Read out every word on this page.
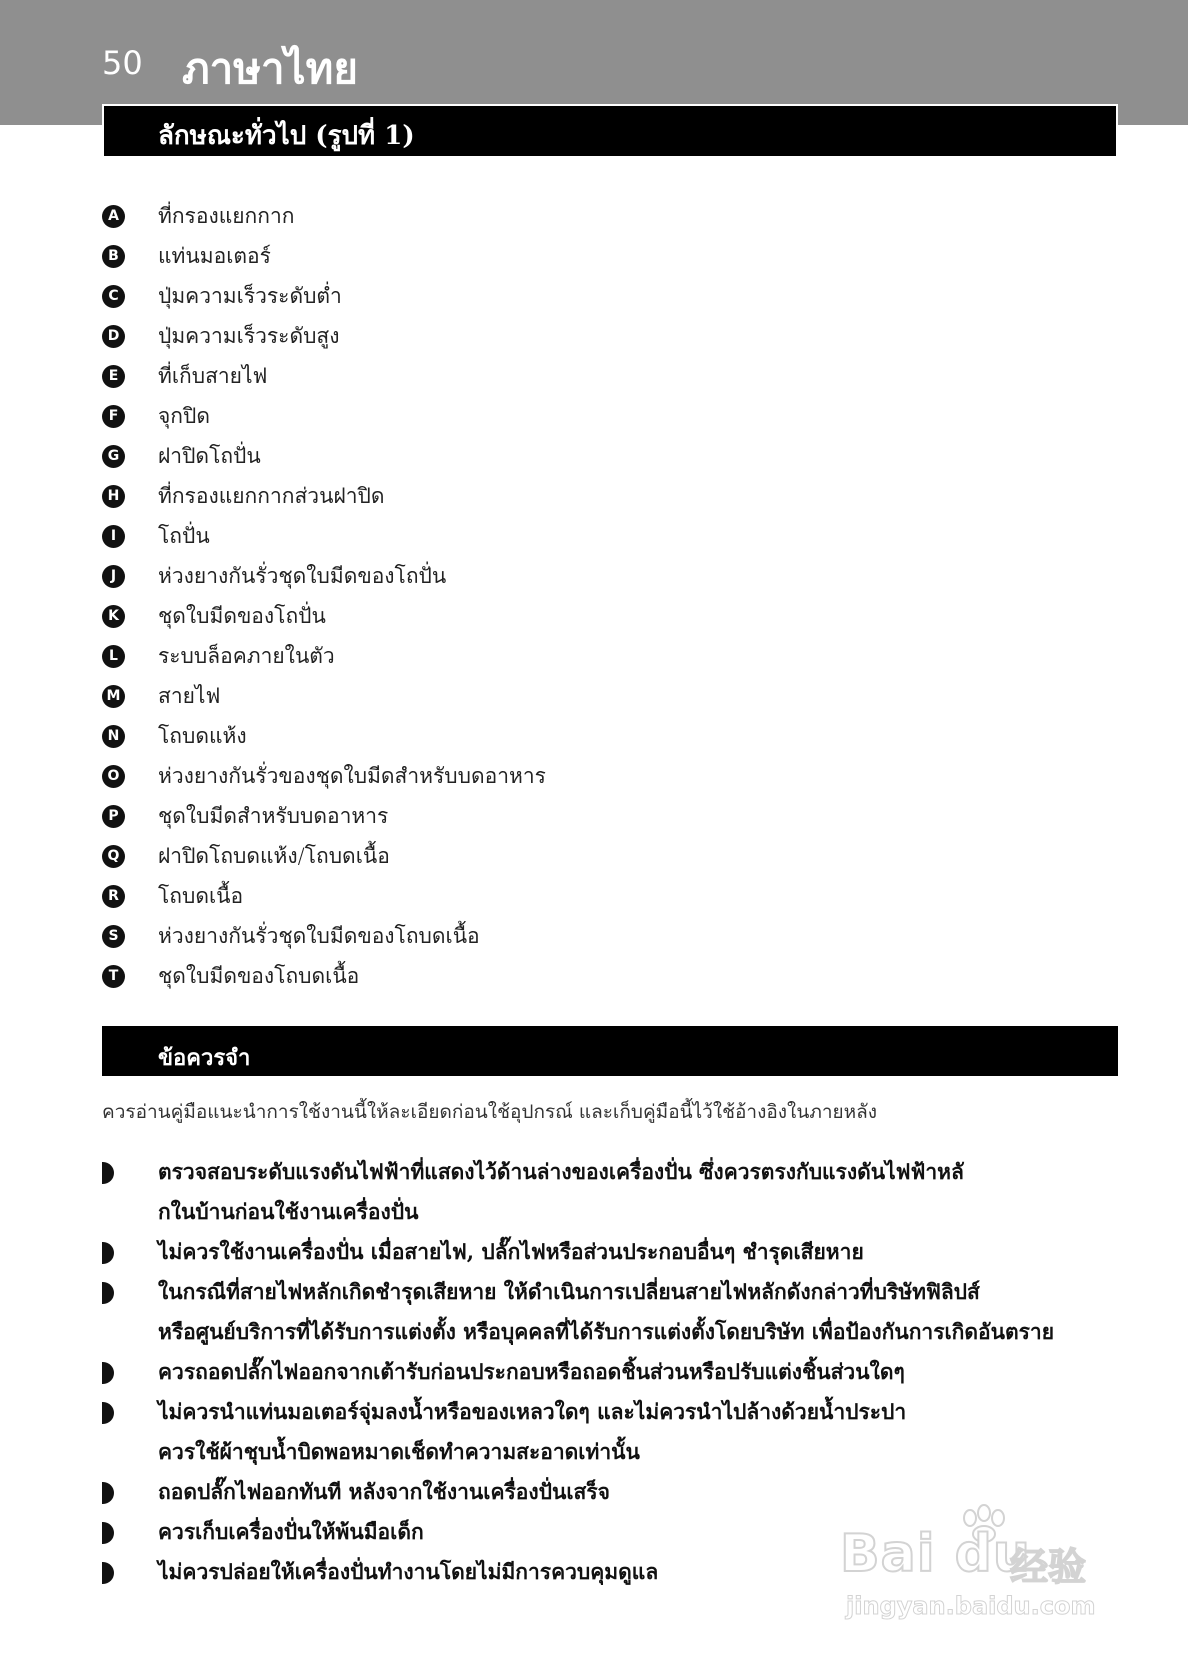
50 ภาษาไทย
ลักษณะทั่วไป (รูปที่ 1)
A ที่กรองแยกกาก
B แท่นมอเตอร์
C	ปุ่มความเร็วระดับต่ำ
D ปุ่มความเร็วระดับสูง
E	ที่เก็บสายไฟ
F	จุกปิด
G ฝาปิดโถปั่น
H ที่กรองแยกกากส่วนฝาปิด
I	โถปั่น
J	ห่วงยางกันรั่วชุดใบมีดของโถปั่น
K ชุดใบมีดของโถปั่น
L	ระบบล็อคภายในตัว
M สายไฟ
N โถบดแห้ง
O ห่วงยางกันรั่วของชุดใบมีดสำหรับบดอาหาร
P	ชุดใบมีดสำหรับบดอาหาร
Q ฝาปิดโถบดแห้ง/โถบดเนื้อ
R โถบดเนื้อ
S	ห่วงยางกันรั่วชุดใบมีดของโถบดเนื้อ
T	ชุดใบมีดของโถบดเนื้อ
ข้อควรจำ
ควรอ่านคู่มือแนะนำการใช้งานนี้ให้ละเอียดก่อนใช้อุปกรณ์ และเก็บคู่มือนี้ไว้ใช้อ้างอิงในภายหลัง
ตรวจสอบระดับแรงดันไฟฟ้าที่แสดงไว้ด้านล่างของเครื่องปั่น ซึ่งควรตรงกับแรงดันไฟฟ้าหลั
กในบ้านก่อนใช้งานเครื่องปั่น
ไม่ควรใช้งานเครื่องปั่น เมื่อสายไฟ, ปลั๊กไฟหรือส่วนประกอบอื่นๆ ชำรุดเสียหาย
ในกรณีที่สายไฟหลักเกิดชำรุดเสียหาย ให้ดำเนินการเปลี่ยนสายไฟหลักดังกล่าวที่บริษัทฟิลิปส์
หรือศูนย์บริการที่ได้รับการแต่งตั้ง หรือบุคคลที่ได้รับการแต่งตั้งโดยบริษัท เพื่อป้องกันการเกิดอันตราย
ควรถอดปลั๊กไฟออกจากเต้ารับก่อนประกอบหรือถอดชิ้นส่วนหรือปรับแต่งชิ้นส่วนใดๆ
ไม่ควรนำแท่นมอเตอร์จุ่มลงน้ำหรือของเหลวใดๆ และไม่ควรนำไปล้างด้วยน้ำประปา
ควรใช้ผ้าชุบน้ำบิดพอหมาดเช็ดทำความสะอาดเท่านั้น
ถอดปลั๊กไฟออกทันที หลังจากใช้งานเครื่องปั่นเสร็จ
ควรเก็บเครื่องปั่นให้พ้นมือเด็ก
ไม่ควรปล่อยให้เครื่องปั่นทำงานโดยไม่มีการควบคุมดูแล	Bai du
经验
jingyan.baidu.com
